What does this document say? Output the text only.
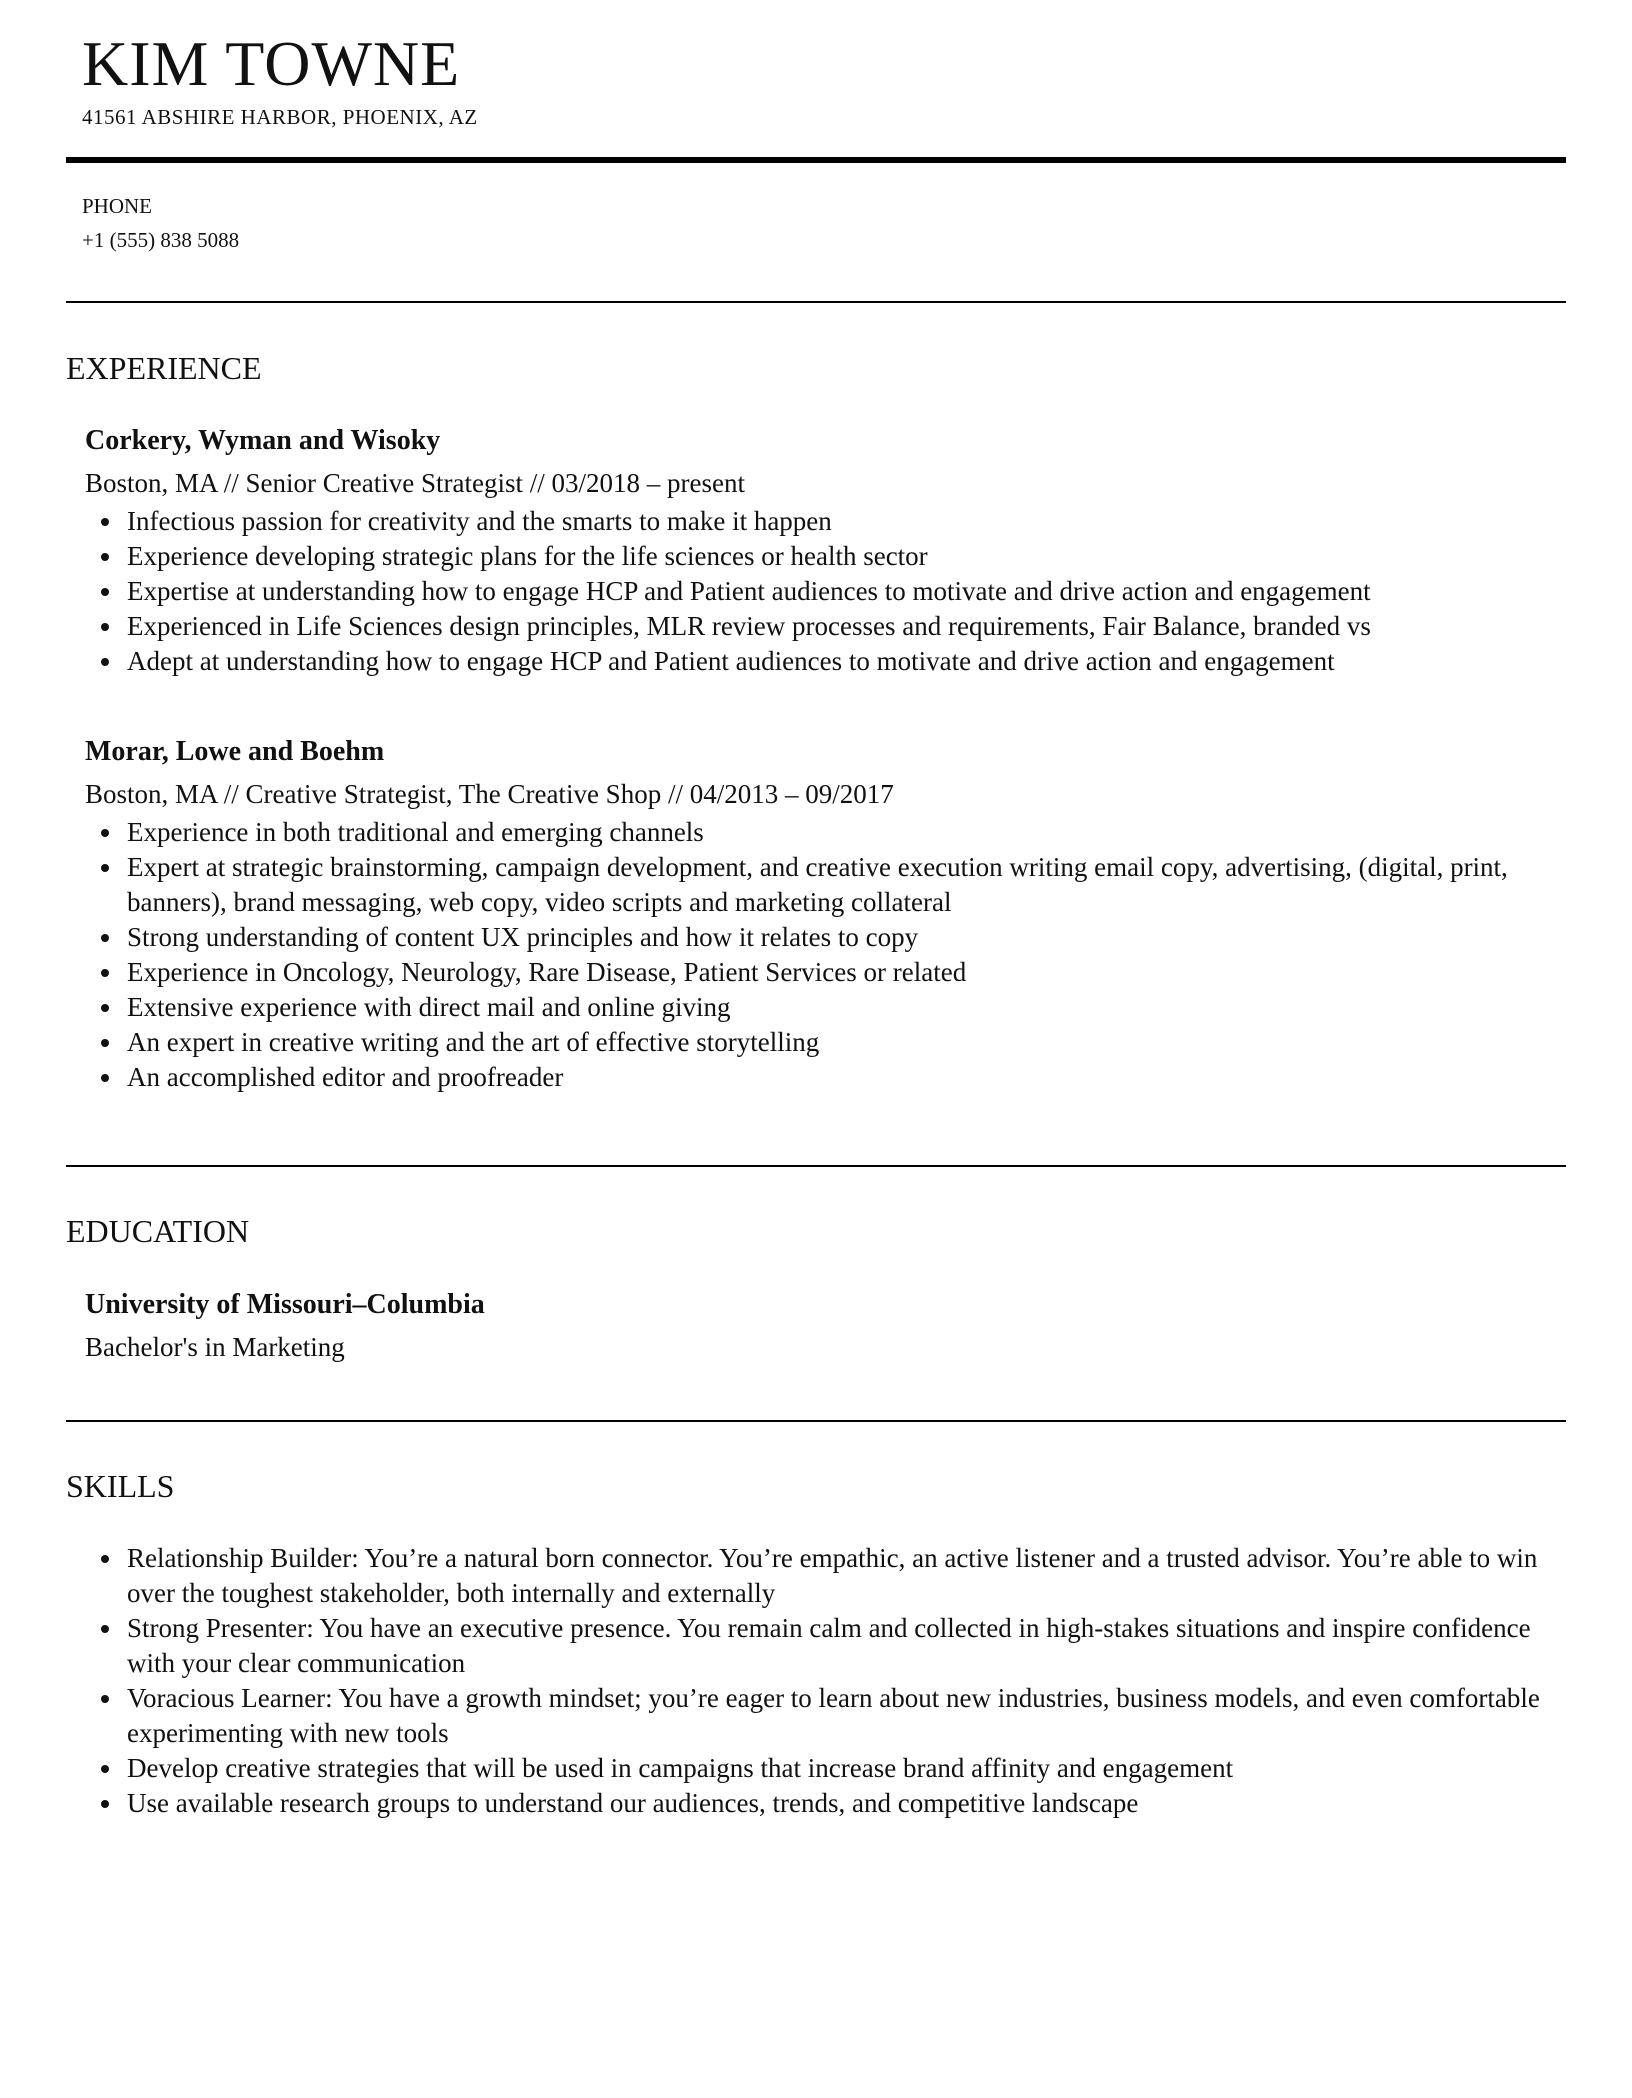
KIM TOWNE
41561 ABSHIRE HARBOR, PHOENIX, AZ
PHONE
+1 (555) 838 5088
EXPERIENCE

Corkery, Wyman and Wisoky

Boston, MA // Senior Creative Strategist // 03/2018 – present

Infectious passion for creativity and the smarts to make it happen
Experience developing strategic plans for the life sciences or health sector
Expertise at understanding how to engage HCP and Patient audiences to motivate and drive action and engagement
Experienced in Life Sciences design principles, MLR review processes and requirements, Fair Balance, branded vs
Adept at understanding how to engage HCP and Patient audiences to motivate and drive action and engagement

Morar, Lowe and Boehm

Boston, MA // Creative Strategist, The Creative Shop // 04/2013 – 09/2017

Experience in both traditional and emerging channels
Expert at strategic brainstorming, campaign development, and creative execution writing email copy, advertising, (digital, print, banners), brand messaging, web copy, video scripts and marketing collateral
Strong understanding of content UX principles and how it relates to copy
Experience in Oncology, Neurology, Rare Disease, Patient Services or related
Extensive experience with direct mail and online giving
An expert in creative writing and the art of effective storytelling
An accomplished editor and proofreader
EDUCATION

University of Missouri–Columbia

Bachelor's in Marketing

SKILLS
Relationship Builder: You’re a natural born connector. You’re empathic, an active listener and a trusted advisor. You’re able to win over the toughest stakeholder, both internally and externally
Strong Presenter: You have an executive presence. You remain calm and collected in high-stakes situations and inspire confidence with your clear communication
Voracious Learner: You have a growth mindset; you’re eager to learn about new industries, business models, and even comfortable experimenting with new tools
Develop creative strategies that will be used in campaigns that increase brand affinity and engagement
Use available research groups to understand our audiences, trends, and competitive landscape
